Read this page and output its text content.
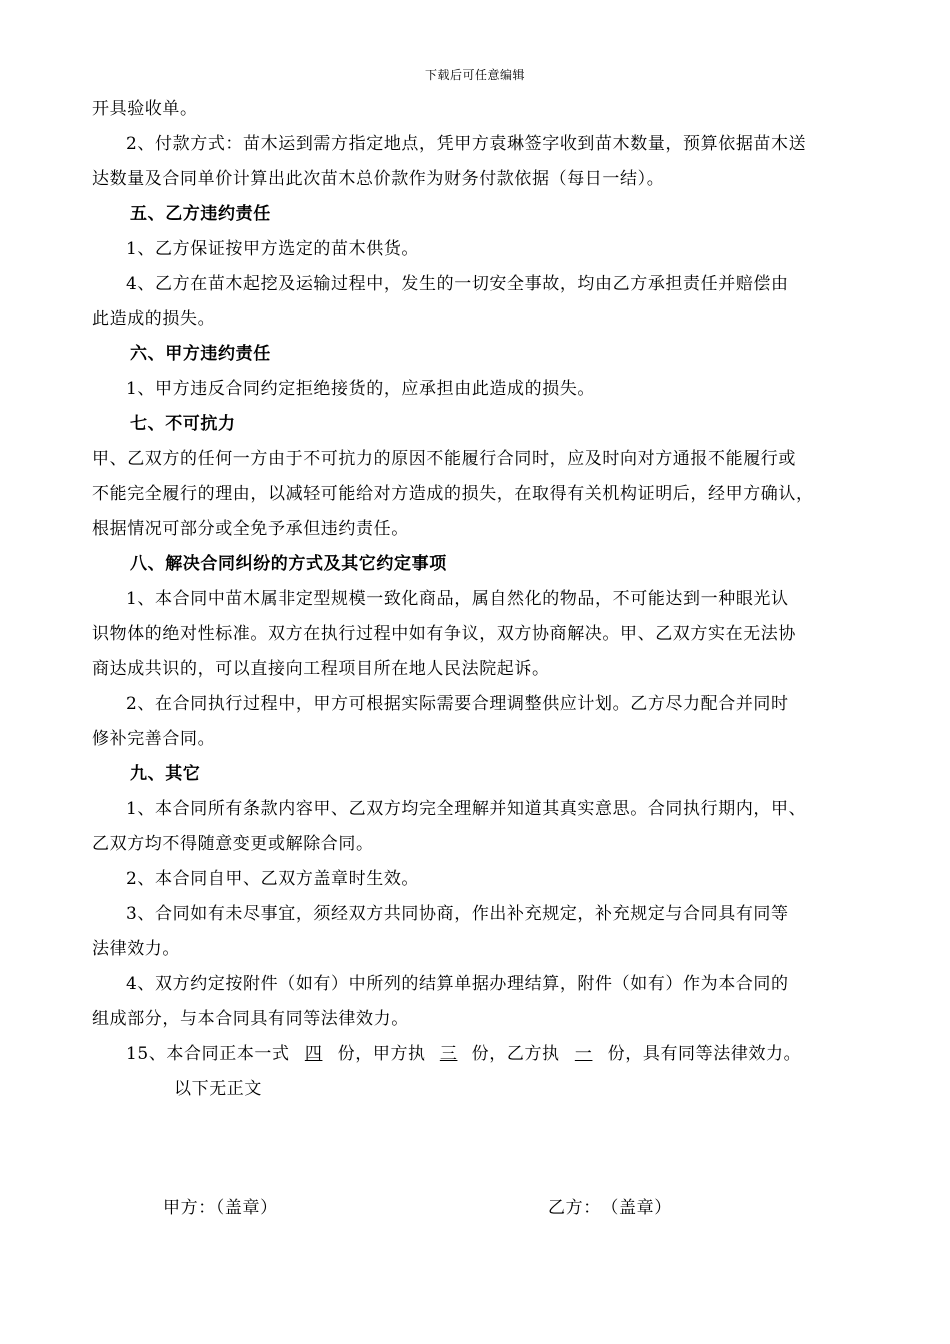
下载后可任意编辑

开具验收单。

2、付款方式：苗木运到需方指定地点，凭甲方袁琳签字收到苗木数量，预算依据苗木送

达数量及合同单价计算出此次苗木总价款作为财务付款依据（每日一结）。

五、乙方违约责任

1、乙方保证按甲方选定的苗木供货。

4、乙方在苗木起挖及运输过程中，发生的一切安全事故，均由乙方承担责任并赔偿由

此造成的损失。

六、甲方违约责任

1、甲方违反合同约定拒绝接货的，应承担由此造成的损失。

七、不可抗力

甲、乙双方的任何一方由于不可抗力的原因不能履行合同时，应及时向对方通报不能履行或

不能完全履行的理由，以减轻可能给对方造成的损失，在取得有关机构证明后，经甲方确认，

根据情况可部分或全免予承但违约责任。

八、解决合同纠纷的方式及其它约定事项

1、本合同中苗木属非定型规模一致化商品，属自然化的物品，不可能达到一种眼光认

识物体的绝对性标准。双方在执行过程中如有争议，双方协商解决。甲、乙双方实在无法协

商达成共识的，可以直接向工程项目所在地人民法院起诉。

2、在合同执行过程中，甲方可根据实际需要合理调整供应计划。乙方尽力配合并同时

修补完善合同。

九、其它

1、本合同所有条款内容甲、乙双方均完全理解并知道其真实意思。合同执行期内，甲、

乙双方均不得随意变更或解除合同。

2、本合同自甲、乙双方盖章时生效。

3、合同如有未尽事宜，须经双方共同协商，作出补充规定，补充规定与合同具有同等

法律效力。

4、双方约定按附件（如有）中所列的结算单据办理结算，附件（如有）作为本合同的

组成部分，与本合同具有同等法律效力。

15、本合同正本一式 四 份，甲方执 三 份，乙方执 一 份，具有同等法律效力。

以下无正文

甲方：（盖章）	乙方：　（盖章）
